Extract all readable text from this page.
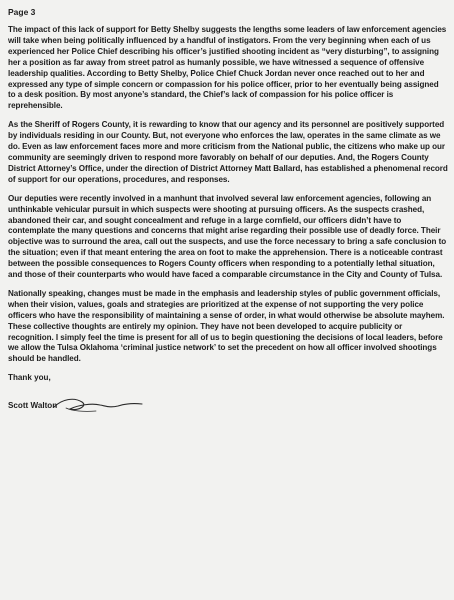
Page 3

The impact of this lack of support for Betty Shelby suggests the lengths some leaders of law enforcement agencies will take when being politically influenced by a handful of instigators. From the very beginning when each of us experienced her Police Chief describing his officer’s justified shooting incident as “very disturbing”, to assigning her a position as far away from street patrol as humanly possible, we have witnessed a sequence of offensive leadership qualities. According to Betty Shelby, Police Chief Chuck Jordan never once reached out to her and expressed any type of simple concern or compassion for his police officer, prior to her eventually being assigned to a desk position. By most anyone’s standard, the Chief’s lack of compassion for his police officer is reprehensible.

As the Sheriff of Rogers County, it is rewarding to know that our agency and its personnel are positively supported by individuals residing in our County. But, not everyone who enforces the law, operates in the same climate as we do. Even as law enforcement faces more and more criticism from the National public, the citizens who make up our community are seemingly driven to respond more favorably on behalf of our deputies. And, the Rogers County District Attorney’s Office, under the direction of District Attorney Matt Ballard, has established a phenomenal record of support for our operations, procedures, and responses.

Our deputies were recently involved in a manhunt that involved several law enforcement agencies, following an unthinkable vehicular pursuit in which suspects were shooting at pursuing officers. As the suspects crashed, abandoned their car, and sought concealment and refuge in a large cornfield, our officers didn’t have to contemplate the many questions and concerns that might arise regarding their possible use of deadly force. Their objective was to surround the area, call out the suspects, and use the force necessary to bring a safe conclusion to the situation; even if that meant entering the area on foot to make the apprehension. There is a noticeable contrast between the possible consequences to Rogers County officers when responding to a potentially lethal situation, and those of their counterparts who would have faced a comparable circumstance in the City and County of Tulsa.

Nationally speaking, changes must be made in the emphasis and leadership styles of public government officials, when their vision, values, goals and strategies are prioritized at the expense of not supporting the very police officers who have the responsibility of maintaining a sense of order, in what would otherwise be absolute mayhem. These collective thoughts are entirely my opinion. They have not been developed to acquire publicity or recognition. I simply feel the time is present for all of us to begin questioning the decisions of local leaders, before we allow the Tulsa Oklahoma ‘criminal justice network’ to set the precedent on how all officer involved shootings should be handled.

Thank you,
Scott Walton
